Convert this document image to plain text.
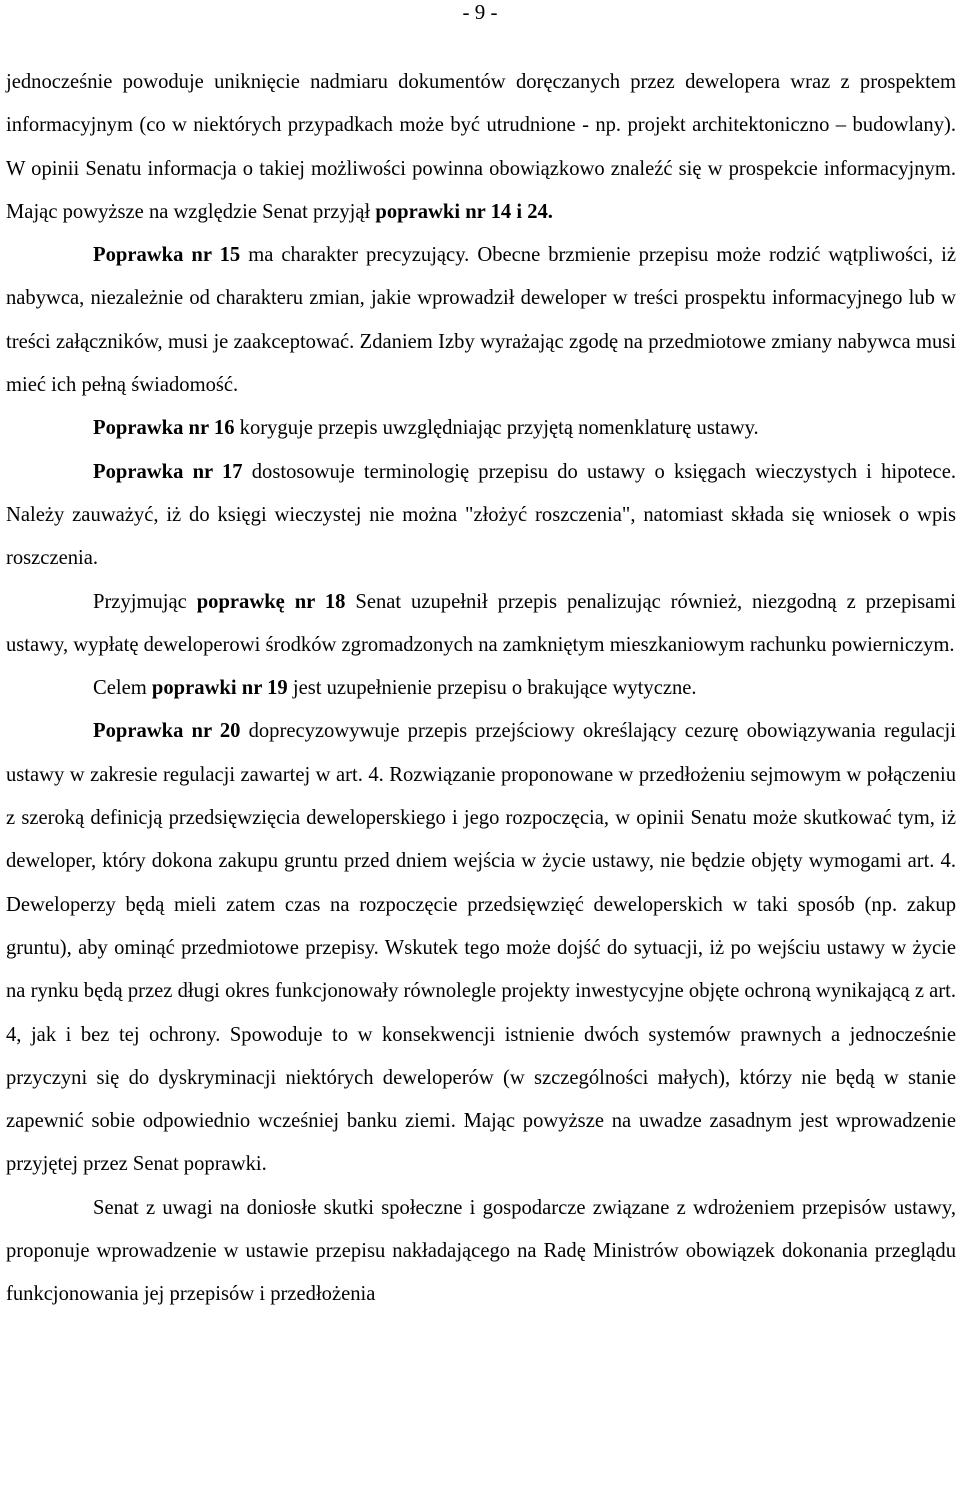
- 9 -

jednocześnie powoduje uniknięcie nadmiaru dokumentów doręczanych przez dewelopera wraz z prospektem informacyjnym (co w niektórych przypadkach może być utrudnione - np. projekt architektoniczno – budowlany). W opinii Senatu informacja o takiej możliwości powinna obowiązkowo znaleźć się w prospekcie informacyjnym. Mając powyższe na względzie Senat przyjął poprawki nr 14 i 24.

Poprawka nr 15 ma charakter precyzujący. Obecne brzmienie przepisu może rodzić wątpliwości, iż nabywca, niezależnie od charakteru zmian, jakie wprowadził deweloper w treści prospektu informacyjnego lub w treści załączników, musi je zaakceptować. Zdaniem Izby wyrażając zgodę na przedmiotowe zmiany nabywca musi mieć ich pełną świadomość.

Poprawka nr 16 koryguje przepis uwzględniając przyjętą nomenklaturę ustawy.

Poprawka nr 17 dostosowuje terminologię przepisu do ustawy o księgach wieczystych i hipotece. Należy zauważyć, iż do księgi wieczystej nie można "złożyć roszczenia", natomiast składa się wniosek o wpis roszczenia.

Przyjmując poprawkę nr 18 Senat uzupełnił przepis penalizując również, niezgodną z przepisami ustawy, wypłatę deweloperowi środków zgromadzonych na zamkniętym mieszkaniowym rachunku powierniczym.

Celem poprawki nr 19 jest uzupełnienie przepisu o brakujące wytyczne.

Poprawka nr 20 doprecyzowywuje przepis przejściowy określający cezurę obowiązywania regulacji ustawy w zakresie regulacji zawartej w art. 4. Rozwiązanie proponowane w przedłożeniu sejmowym w połączeniu z szeroką definicją przedsięwzięcia deweloperskiego i jego rozpoczęcia, w opinii Senatu może skutkować tym, iż deweloper, który dokona zakupu gruntu przed dniem wejścia w życie ustawy, nie będzie objęty wymogami art. 4. Deweloperzy będą mieli zatem czas na rozpoczęcie przedsięwzięć deweloperskich w taki sposób (np. zakup gruntu), aby ominąć przedmiotowe przepisy. Wskutek tego może dojść do sytuacji, iż po wejściu ustawy w życie na rynku będą przez długi okres funkcjonowały równolegle projekty inwestycyjne objęte ochroną wynikającą z art. 4, jak i bez tej ochrony. Spowoduje to w konsekwencji istnienie dwóch systemów prawnych a jednocześnie przyczyni się do dyskryminacji niektórych deweloperów (w szczególności małych), którzy nie będą w stanie zapewnić sobie odpowiednio wcześniej banku ziemi. Mając powyższe na uwadze zasadnym jest wprowadzenie przyjętej przez Senat poprawki.

Senat z uwagi na doniosłe skutki społeczne i gospodarcze związane z wdrożeniem przepisów ustawy, proponuje wprowadzenie w ustawie przepisu nakładającego na Radę Ministrów obowiązek dokonania przeglądu funkcjonowania jej przepisów i przedłożenia
